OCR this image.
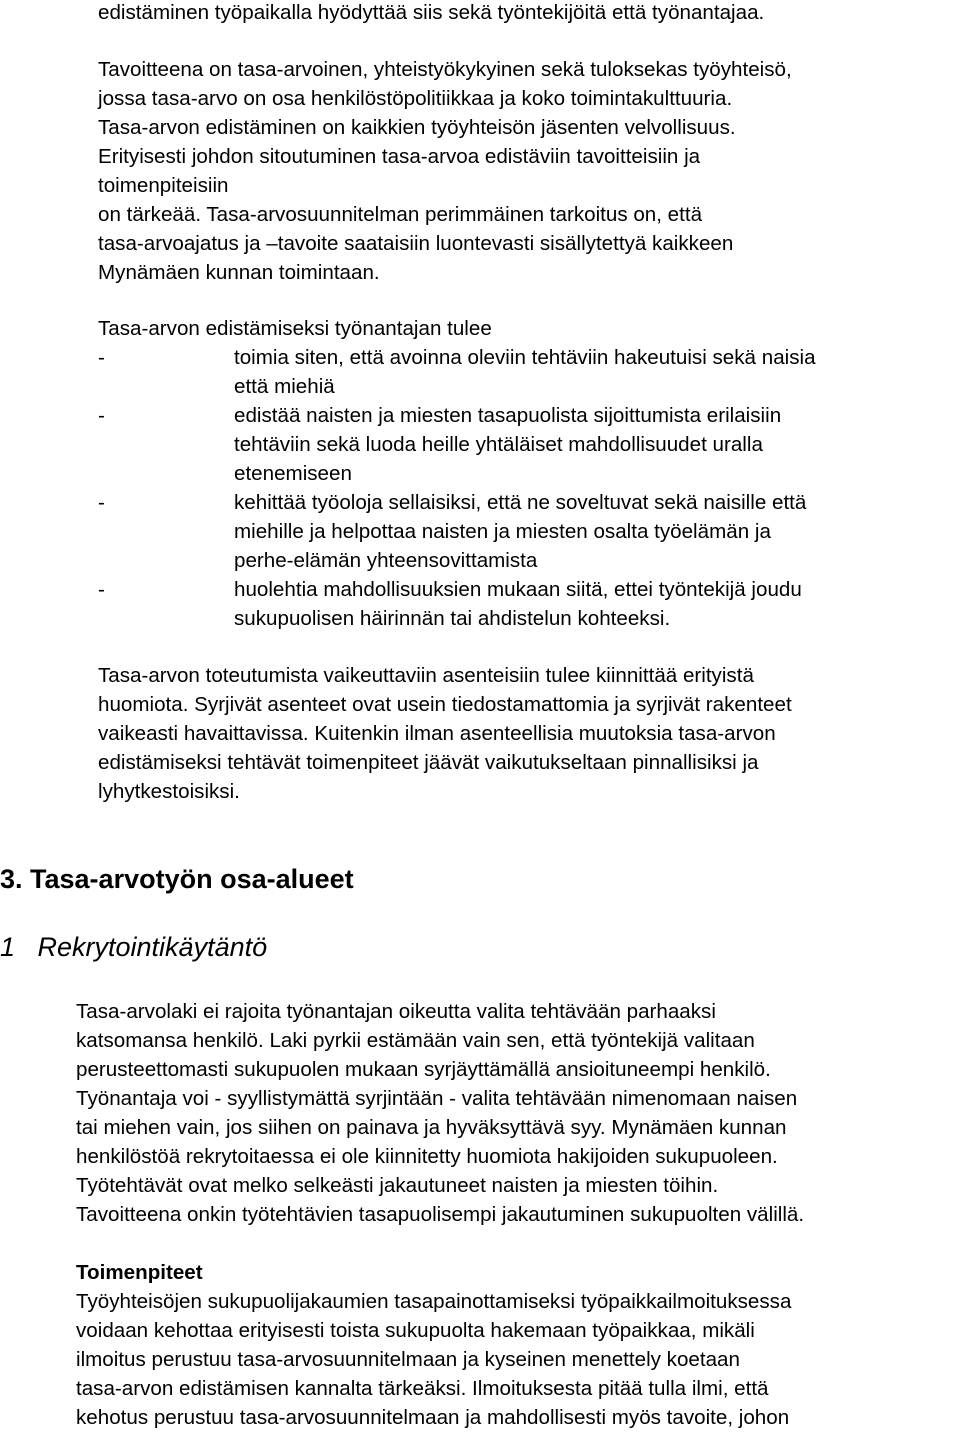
edistäminen työpaikalla hyödyttää siis sekä työntekijöitä että työnantajaa.
Tavoitteena on tasa-arvoinen, yhteistyökykyinen sekä tuloksekas työyhteisö,
jossa tasa-arvo on osa henkilöstöpolitiikkaa ja koko toimintakulttuuria.
Tasa-arvon edistäminen on kaikkien työyhteisön jäsenten velvollisuus.
Erityisesti johdon sitoutuminen tasa-arvoa edistäviin tavoitteisiin ja
toimenpiteisiin
on tärkeää. Tasa-arvosuunnitelman perimmäinen tarkoitus on, että
tasa-arvoajatus ja –tavoite saataisiin luontevasti sisällytettyä kaikkeen
Mynämäen kunnan toimintaan.
Tasa-arvon edistämiseksi työnantajan tulee
-	toimia siten, että avoinna oleviin tehtäviin hakeutuisi sekä naisia
että miehiä
-	edistää naisten ja miesten tasapuolista sijoittumista erilaisiin
tehtäviin sekä luoda heille yhtäläiset mahdollisuudet uralla
etenemiseen
-	kehittää työoloja sellaisiksi, että ne soveltuvat sekä naisille että
miehille ja helpottaa naisten ja miesten osalta työelämän ja
perhe-elämän yhteensovittamista
-	huolehtia mahdollisuuksien mukaan siitä, ettei työntekijä joudu
sukupuolisen häirinnän tai ahdistelun kohteeksi.
Tasa-arvon toteutumista vaikeuttaviin asenteisiin tulee kiinnittää erityistä
huomiota. Syrjivät asenteet ovat usein tiedostamattomia ja syrjivät rakenteet
vaikeasti havaittavissa. Kuitenkin ilman asenteellisia muutoksia tasa-arvon
edistämiseksi tehtävät toimenpiteet jäävät vaikutukseltaan pinnallisiksi ja
lyhytkestoisiksi.
3. Tasa-arvotyön osa-alueet
1   Rekrytointikäytäntö
Tasa-arvolaki ei rajoita työnantajan oikeutta valita tehtävään parhaaksi
katsomansa henkilö. Laki pyrkii estämään vain sen, että työntekijä valitaan
perusteettomasti sukupuolen mukaan syrjäyttämällä ansioituneempi henkilö.
Työnantaja voi - syyllistymättä syrjintään - valita tehtävään nimenomaan naisen
tai miehen vain, jos siihen on painava ja hyväksyttävä syy. Mynämäen kunnan
henkilöstöä rekrytoitaessa ei ole kiinnitetty huomiota hakijoiden sukupuoleen.
Työtehtävät ovat melko selkeästi jakautuneet naisten ja miesten töihin.
Tavoitteena onkin työtehtävien tasapuolisempi jakautuminen sukupuolten välillä.
Toimenpiteet
Työyhteisöjen sukupuolijakaumien tasapainottamiseksi työpaikkailmoituksessa
voidaan kehottaa erityisesti toista sukupuolta hakemaan työpaikkaa, mikäli
ilmoitus perustuu tasa-arvosuunnitelmaan ja kyseinen menettely koetaan
tasa-arvon edistämisen kannalta tärkeäksi. Ilmoituksesta pitää tulla ilmi, että
kehotus perustuu tasa-arvosuunnitelmaan ja mahdollisesti myös tavoite, johon
